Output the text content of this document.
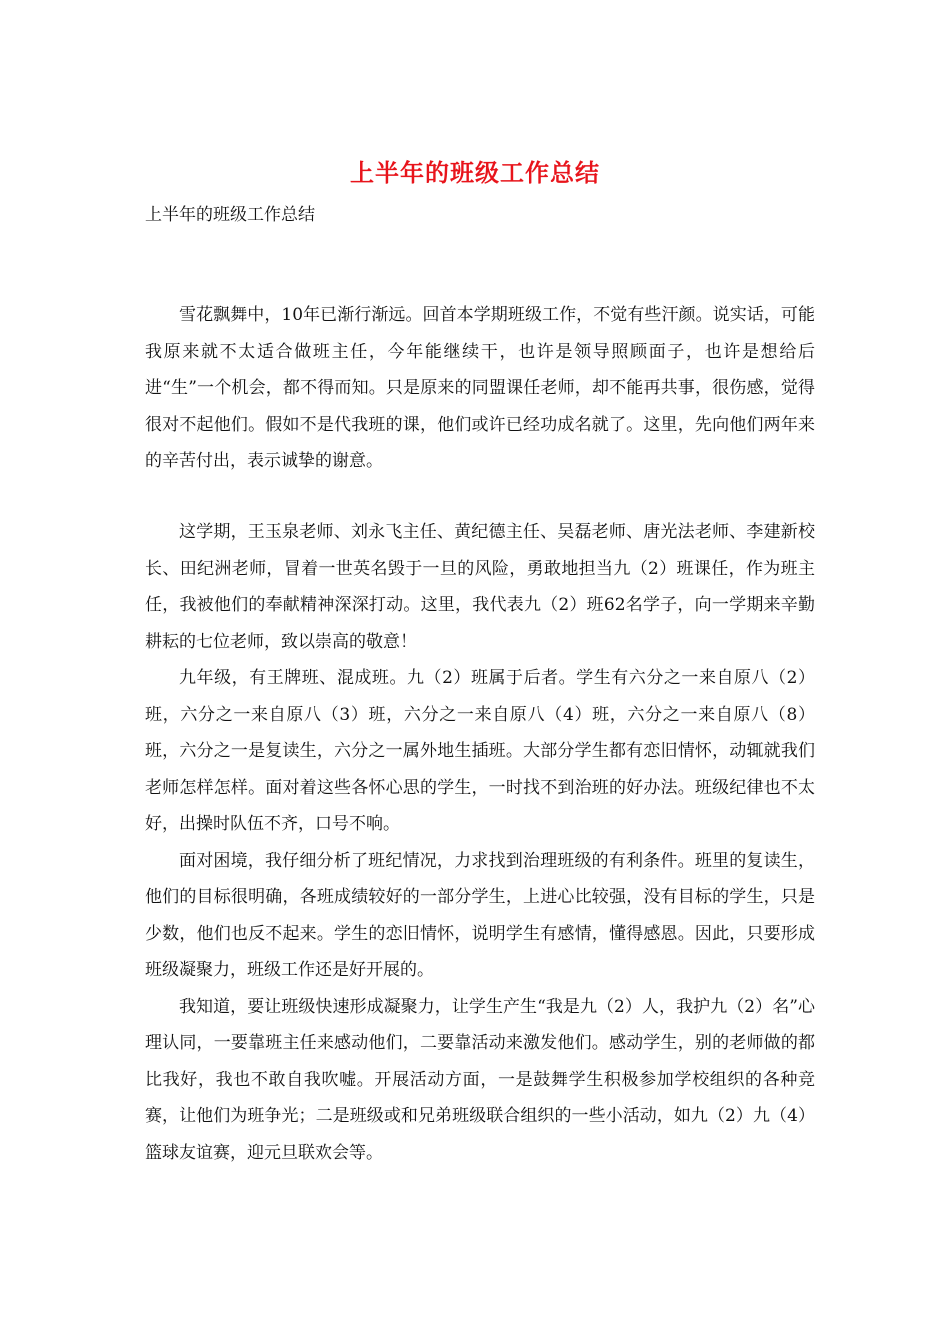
上半年的班级工作总结
上半年的班级工作总结

雪花飘舞中，10年已渐行渐远。回首本学期班级工作，不觉有些汗颜。说实话，可能我原来就不太适合做班主任，今年能继续干，也许是领导照顾面子，也许是想给后进“生”一个机会，都不得而知。只是原来的同盟课任老师，却不能再共事，很伤感，觉得很对不起他们。假如不是代我班的课，他们或许已经功成名就了。这里，先向他们两年来的辛苦付出，表示诚挚的谢意。

这学期，王玉泉老师、刘永飞主任、黄纪德主任、吴磊老师、唐光法老师、李建新校长、田纪洲老师，冒着一世英名毁于一旦的风险，勇敢地担当九（2）班课任，作为班主任，我被他们的奉献精神深深打动。这里，我代表九（2）班62名学子，向一学期来辛勤耕耘的七位老师，致以崇高的敬意！

九年级，有王牌班、混成班。九（2）班属于后者。学生有六分之一来自原八（2）班，六分之一来自原八（3）班，六分之一来自原八（4）班，六分之一来自原八（8）班，六分之一是复读生，六分之一属外地生插班。大部分学生都有恋旧情怀，动辄就我们老师怎样怎样。面对着这些各怀心思的学生，一时找不到治班的好办法。班级纪律也不太好，出操时队伍不齐，口号不响。

面对困境，我仔细分析了班纪情况，力求找到治理班级的有利条件。班里的复读生，他们的目标很明确，各班成绩较好的一部分学生，上进心比较强，没有目标的学生，只是少数，他们也反不起来。学生的恋旧情怀，说明学生有感情，懂得感恩。因此，只要形成班级凝聚力，班级工作还是好开展的。

我知道，要让班级快速形成凝聚力，让学生产生“我是九（2）人，我护九（2）名”心理认同，一要靠班主任来感动他们，二要靠活动来激发他们。感动学生，别的老师做的都比我好，我也不敢自我吹嘘。开展活动方面，一是鼓舞学生积极参加学校组织的各种竞赛，让他们为班争光；二是班级或和兄弟班级联合组织的一些小活动，如九（2）九（4）篮球友谊赛，迎元旦联欢会等。
